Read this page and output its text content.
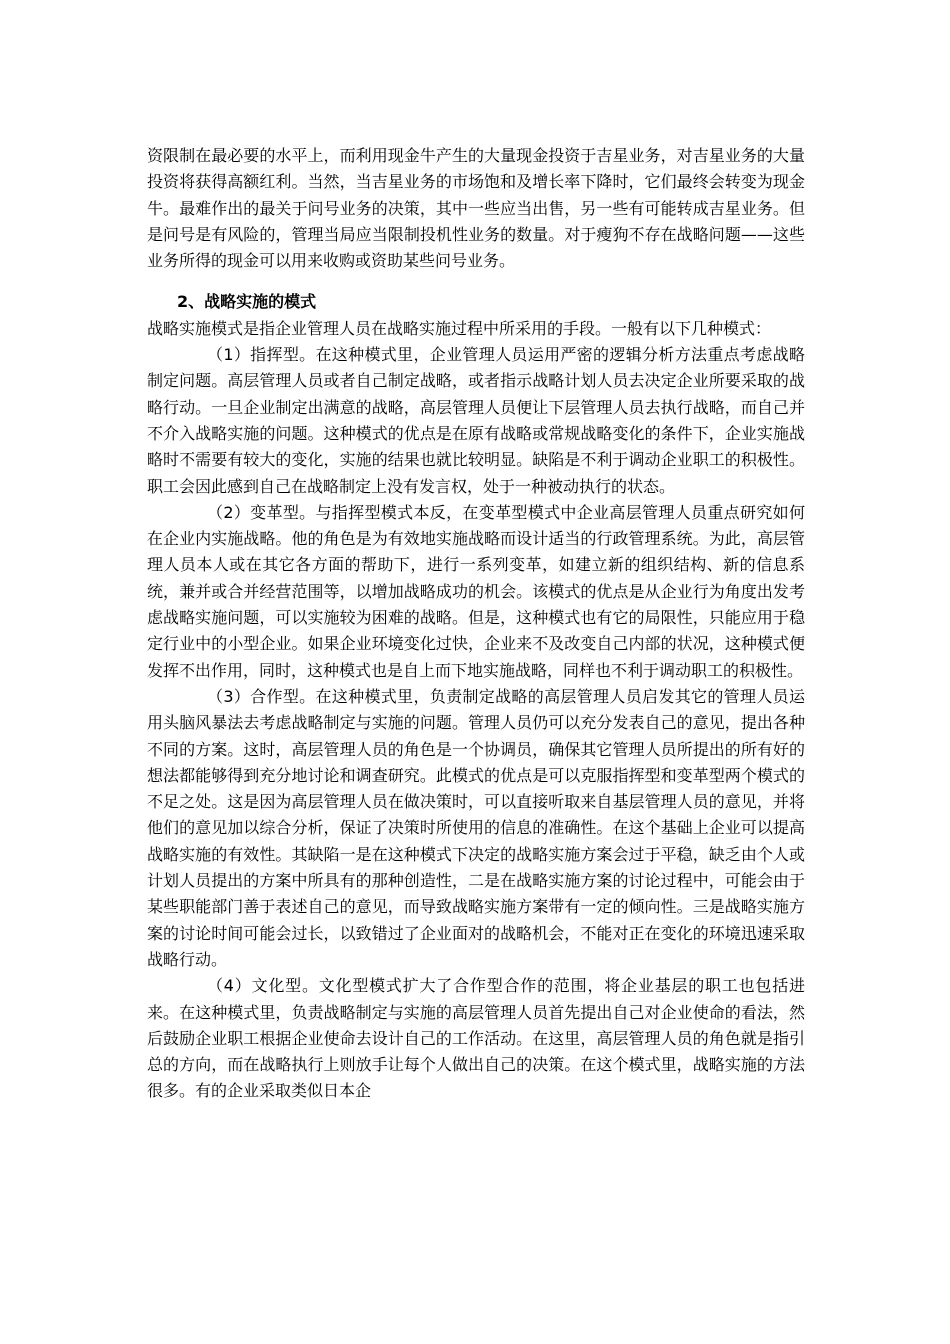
资限制在最必要的水平上，而利用现金牛产生的大量现金投资于吉星业务，对吉星业务的大量投资将获得高额红利。当然，当吉星业务的市场饱和及增长率下降时，它们最终会转变为现金牛。最难作出的最关于问号业务的决策，其中一些应当出售，另一些有可能转成吉星业务。但是问号是有风险的，管理当局应当限制投机性业务的数量。对于瘦狗不存在战略问题——这些业务所得的现金可以用来收购或资助某些问号业务。

2、战略实施的模式

战略实施模式是指企业管理人员在战略实施过程中所采用的手段。一般有以下几种模式：

（1）指挥型。在这种模式里，企业管理人员运用严密的逻辑分析方法重点考虑战略制定问题。高层管理人员或者自己制定战略，或者指示战略计划人员去决定企业所要采取的战略行动。一旦企业制定出满意的战略，高层管理人员便让下层管理人员去执行战略，而自己并不介入战略实施的问题。这种模式的优点是在原有战略或常规战略变化的条件下，企业实施战略时不需要有较大的变化，实施的结果也就比较明显。缺陷是不利于调动企业职工的积极性。职工会因此感到自己在战略制定上没有发言权，处于一种被动执行的状态。

（2）变革型。与指挥型模式本反，在变革型模式中企业高层管理人员重点研究如何在企业内实施战略。他的角色是为有效地实施战略而设计适当的行政管理系统。为此，高层管理人员本人或在其它各方面的帮助下，进行一系列变革，如建立新的组织结构、新的信息系统，兼并或合并经营范围等，以增加战略成功的机会。该模式的优点是从企业行为角度出发考虑战略实施问题，可以实施较为困难的战略。但是，这种模式也有它的局限性，只能应用于稳定行业中的小型企业。如果企业环境变化过快，企业来不及改变自己内部的状况，这种模式便发挥不出作用，同时，这种模式也是自上而下地实施战略，同样也不利于调动职工的积极性。

（3）合作型。在这种模式里，负责制定战略的高层管理人员启发其它的管理人员运用头脑风暴法去考虑战略制定与实施的问题。管理人员仍可以充分发表自己的意见，提出各种不同的方案。这时，高层管理人员的角色是一个协调员，确保其它管理人员所提出的所有好的想法都能够得到充分地讨论和调查研究。此模式的优点是可以克服指挥型和变革型两个模式的不足之处。这是因为高层管理人员在做决策时，可以直接听取来自基层管理人员的意见，并将他们的意见加以综合分析，保证了决策时所使用的信息的准确性。在这个基础上企业可以提高战略实施的有效性。其缺陷一是在这种模式下决定的战略实施方案会过于平稳，缺乏由个人或计划人员提出的方案中所具有的那种创造性，二是在战略实施方案的讨论过程中，可能会由于某些职能部门善于表述自己的意见，而导致战略实施方案带有一定的倾向性。三是战略实施方案的讨论时间可能会过长，以致错过了企业面对的战略机会，不能对正在变化的环境迅速采取战略行动。

（4）文化型。文化型模式扩大了合作型合作的范围，将企业基层的职工也包括进来。在这种模式里，负责战略制定与实施的高层管理人员首先提出自己对企业使命的看法，然后鼓励企业职工根据企业使命去设计自己的工作活动。在这里，高层管理人员的角色就是指引总的方向，而在战略执行上则放手让每个人做出自己的决策。在这个模式里，战略实施的方法很多。有的企业采取类似日本企
